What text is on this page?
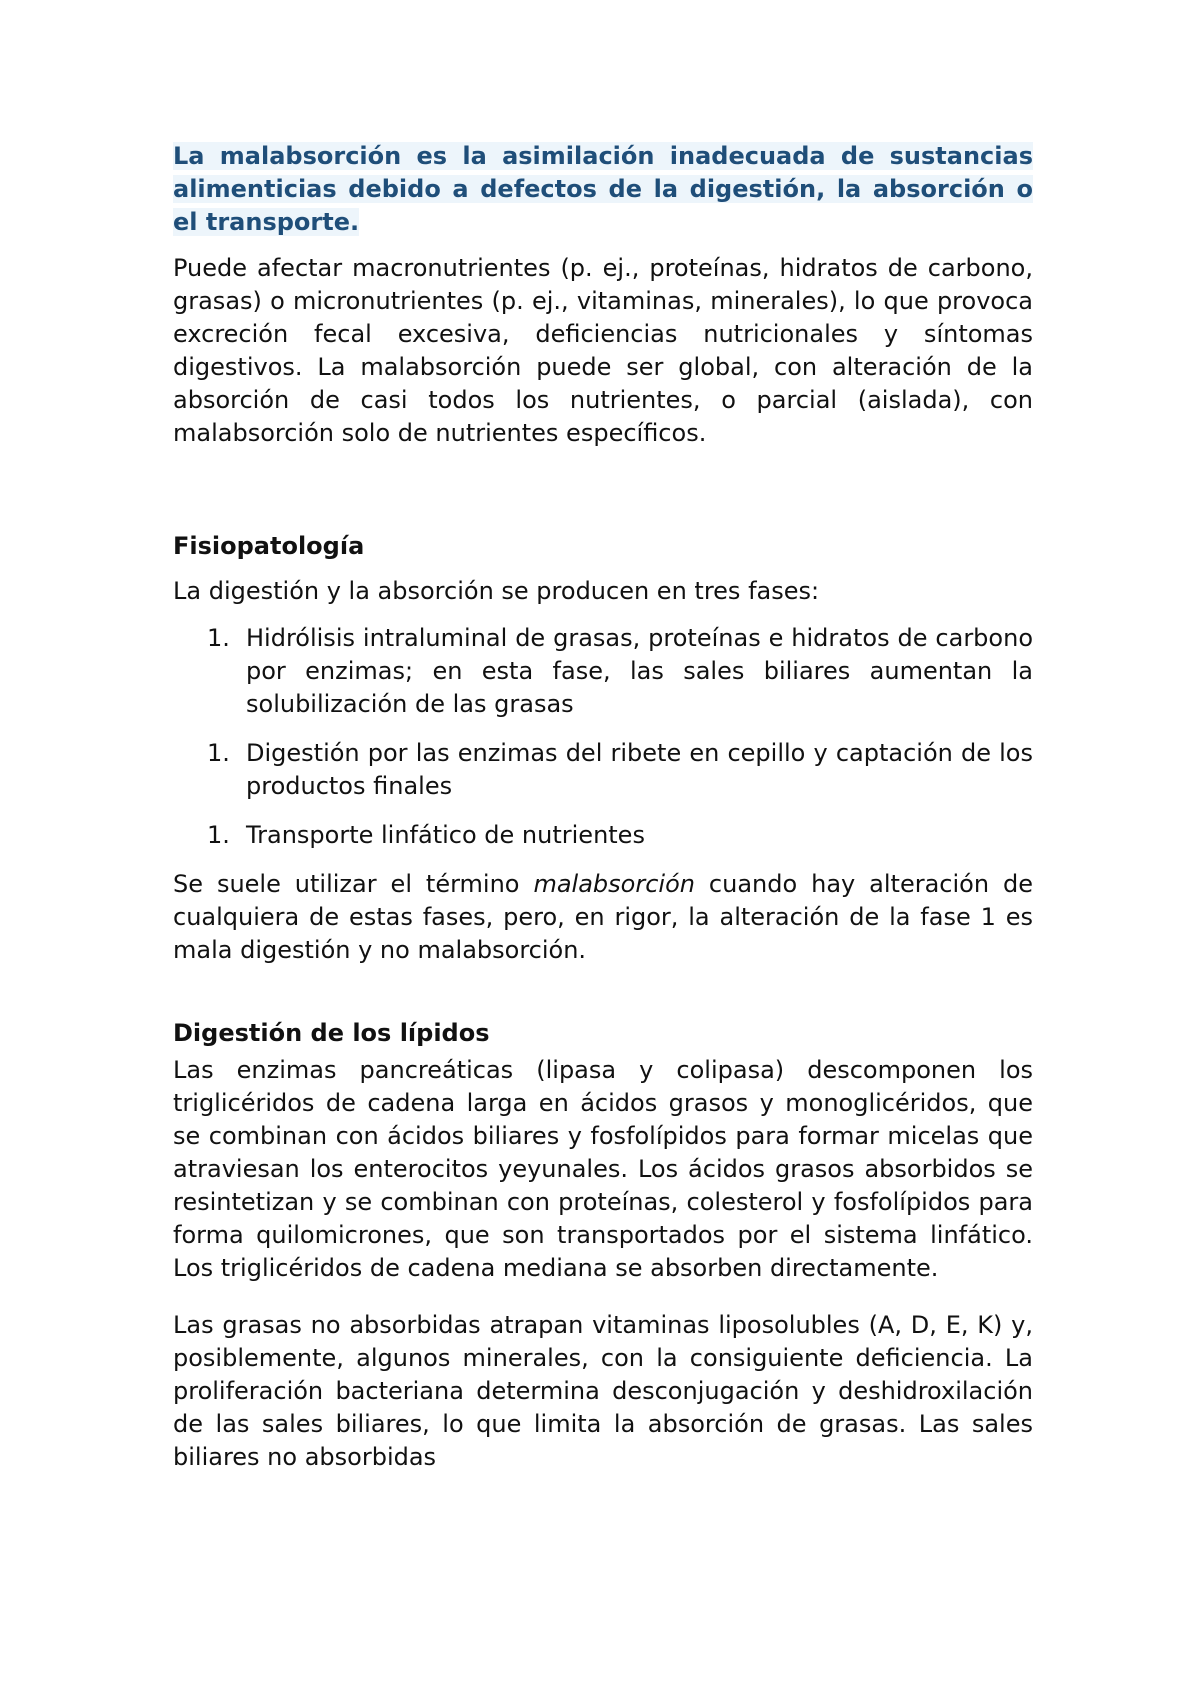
La malabsorción es la asimilación inadecuada de sustancias alimenticias debido a defectos de la digestión, la absorción o el transporte.

Puede afectar macronutrientes (p. ej., proteínas, hidratos de carbono, grasas) o micronutrientes (p. ej., vitaminas, minerales), lo que provoca excreción fecal excesiva, deficiencias nutricionales y síntomas digestivos. La malabsorción puede ser global, con alteración de la absorción de casi todos los nutrientes, o parcial (aislada), con malabsorción solo de nutrientes específicos.

Fisiopatología

La digestión y la absorción se producen en tres fases:

1. Hidrólisis intraluminal de grasas, proteínas e hidratos de carbono por enzimas; en esta fase, las sales biliares aumentan la solubilización de las grasas
1. Digestión por las enzimas del ribete en cepillo y captación de los productos finales
1. Transporte linfático de nutrientes

Se suele utilizar el término malabsorción cuando hay alteración de cualquiera de estas fases, pero, en rigor, la alteración de la fase 1 es mala digestión y no malabsorción.

Digestión de los lípidos

Las enzimas pancreáticas (lipasa y colipasa) descomponen los triglicéridos de cadena larga en ácidos grasos y monoglicéridos, que se combinan con ácidos biliares y fosfolípidos para formar micelas que atraviesan los enterocitos yeyunales. Los ácidos grasos absorbidos se resintetizan y se combinan con proteínas, colesterol y fosfolípidos para forma quilomicrones, que son transportados por el sistema linfático. Los triglicéridos de cadena mediana se absorben directamente.

Las grasas no absorbidas atrapan vitaminas liposolubles (A, D, E, K) y, posiblemente, algunos minerales, con la consiguiente deficiencia. La proliferación bacteriana determina desconjugación y deshidroxilación de las sales biliares, lo que limita la absorción de grasas. Las sales biliares no absorbidas
